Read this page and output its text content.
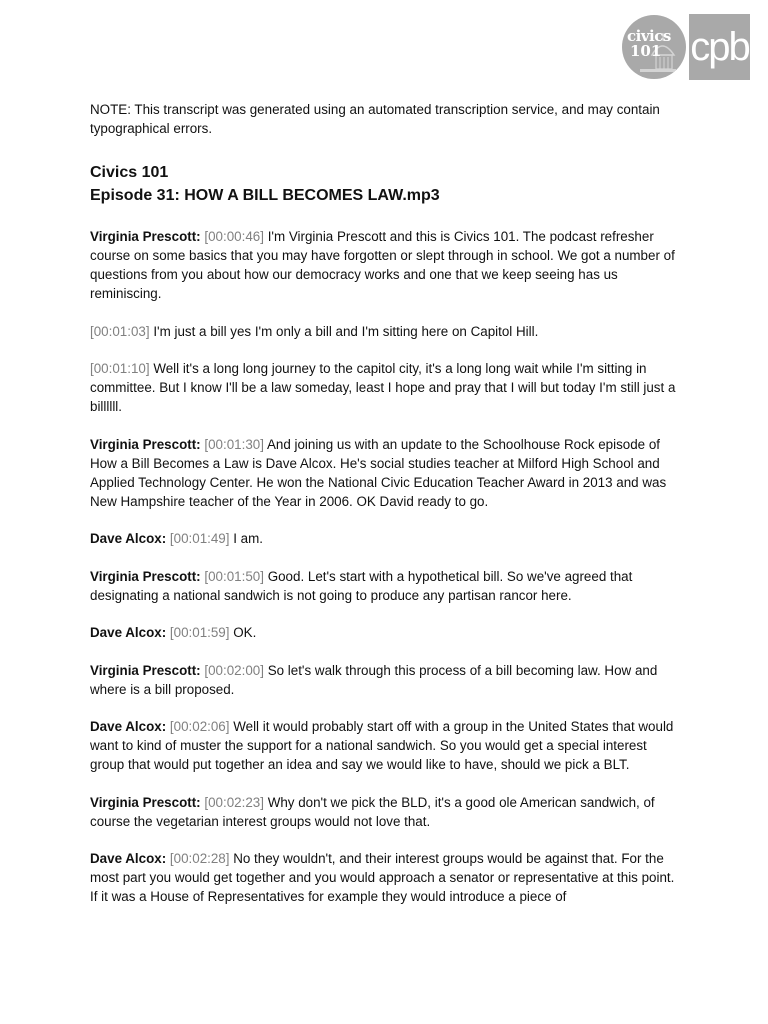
civics
101 cpb

NOTE: This transcript was generated using an automated transcription service, and may contain typographical errors.

Civics 101

Episode 31: HOW A BILL BECOMES LAW.mp3

Virginia Prescott: [00:00:46] I'm Virginia Prescott and this is Civics 101. The podcast refresher course on some basics that you may have forgotten or slept through in school. We got a number of questions from you about how our democracy works and one that we keep seeing has us reminiscing.

[00:01:03] I'm just a bill yes I'm only a bill and I'm sitting here on Capitol Hill.

[00:01:10] Well it's a long long journey to the capitol city, it's a long long wait while I'm sitting in committee. But I know I'll be a law someday, least I hope and pray that I will but today I'm still just a billllll.

Virginia Prescott: [00:01:30] And joining us with an update to the Schoolhouse Rock episode of How a Bill Becomes a Law is Dave Alcox. He's social studies teacher at Milford High School and Applied Technology Center. He won the National Civic Education Teacher Award in 2013 and was New Hampshire teacher of the Year in 2006. OK David ready to go.

Dave Alcox: [00:01:49] I am.

Virginia Prescott: [00:01:50] Good. Let's start with a hypothetical bill. So we've agreed that designating a national sandwich is not going to produce any partisan rancor here.

Dave Alcox: [00:01:59] OK.

Virginia Prescott: [00:02:00] So let's walk through this process of a bill becoming law. How and where is a bill proposed.

Dave Alcox: [00:02:06] Well it would probably start off with a group in the United States that would want to kind of muster the support for a national sandwich. So you would get a special interest group that would put together an idea and say we would like to have, should we pick a BLT.

Virginia Prescott: [00:02:23] Why don't we pick the BLD, it's a good ole American sandwich, of course the vegetarian interest groups would not love that.

Dave Alcox: [00:02:28] No they wouldn't, and their interest groups would be against that. For the most part you would get together and you would approach a senator or representative at this point. If it was a House of Representatives for example they would introduce a piece of
